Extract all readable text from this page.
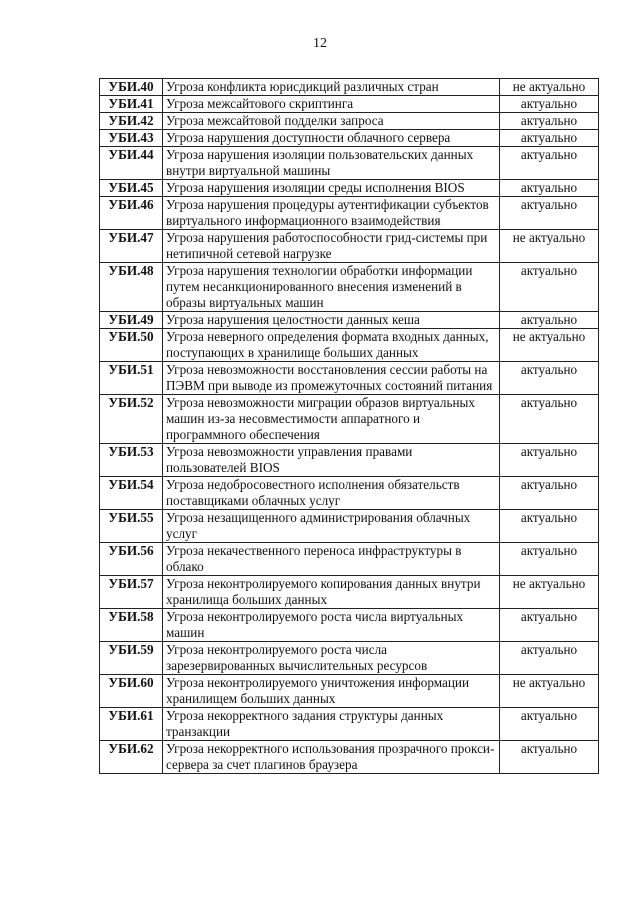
12
УБИ.40	Угроза конфликта юрисдикций различных стран	не актуально
УБИ.41	Угроза межсайтового скриптинга	актуально
УБИ.42	Угроза межсайтовой подделки запроса	актуально
УБИ.43	Угроза нарушения доступности облачного сервера	актуально
УБИ.44	Угроза нарушения изоляции пользовательских данных внутри виртуальной машины	актуально
УБИ.45	Угроза нарушения изоляции среды исполнения BIOS	актуально
УБИ.46	Угроза нарушения процедуры аутентификации субъектов виртуального информационного взаимодействия	актуально
УБИ.47	Угроза нарушения работоспособности грид-системы при нетипичной сетевой нагрузке	не актуально
УБИ.48	Угроза нарушения технологии обработки информации путем несанкционированного внесения изменений в образы виртуальных машин	актуально
УБИ.49	Угроза нарушения целостности данных кеша	актуально
УБИ.50	Угроза неверного определения формата входных данных, поступающих в хранилище больших данных	не актуально
УБИ.51	Угроза невозможности восстановления сессии работы на ПЭВМ при выводе из промежуточных состояний питания	актуально
УБИ.52	Угроза невозможности миграции образов виртуальных машин из-за несовместимости аппаратного и программного обеспечения	актуально
УБИ.53	Угроза невозможности управления правами пользователей BIOS	актуально
УБИ.54	Угроза недобросовестного исполнения обязательств поставщиками облачных услуг	актуально
УБИ.55	Угроза незащищенного администрирования облачных услуг	актуально
УБИ.56	Угроза некачественного переноса инфраструктуры в облако	актуально
УБИ.57	Угроза неконтролируемого копирования данных внутри хранилища больших данных	не актуально
УБИ.58	Угроза неконтролируемого роста числа виртуальных машин	актуально
УБИ.59	Угроза неконтролируемого роста числа зарезервированных вычислительных ресурсов	актуально
УБИ.60	Угроза неконтролируемого уничтожения информации хранилищем больших данных	не актуально
УБИ.61	Угроза некорректного задания структуры данных транзакции	актуально
УБИ.62	Угроза некорректного использования прозрачного прокси-сервера за счет плагинов браузера	актуально
